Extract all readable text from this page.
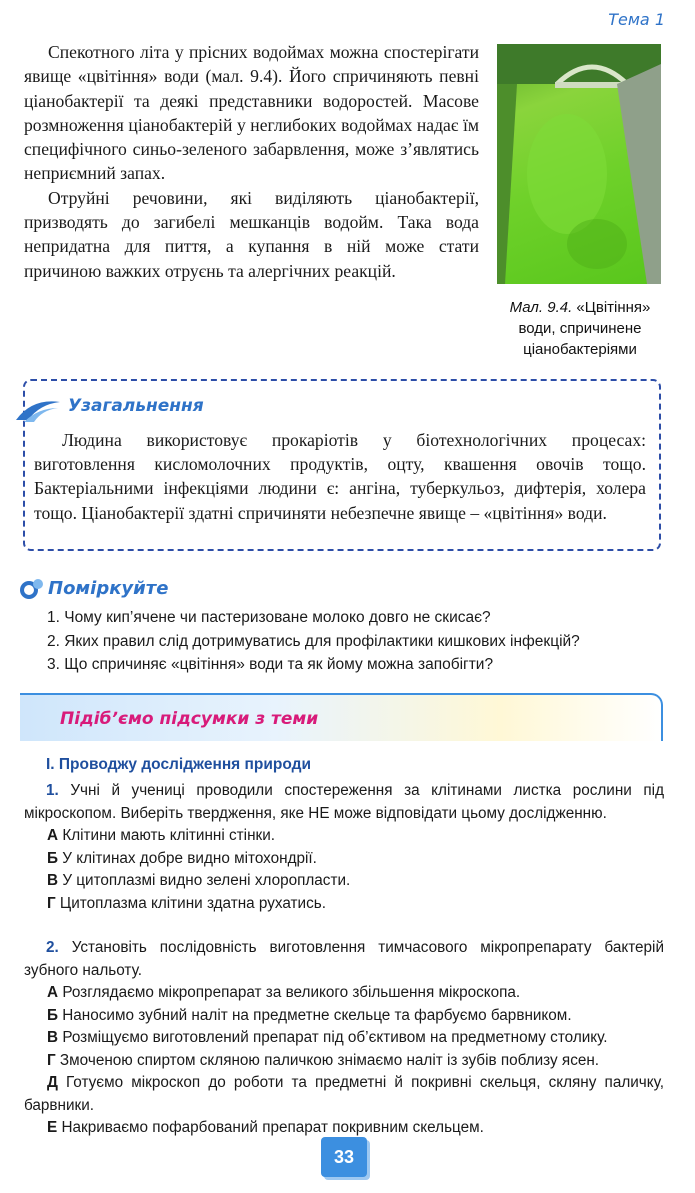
Тема 1

Спекотного літа у прісних водоймах можна спостерігати явище «цвітіння» води (мал. 9.4). Його спричиняють певні ціанобактерії та деякі представники водоростей. Масове розмноження ціанобактерій у неглибоких водоймах надає їм специфічного синьо-зеленого забарвлення, може з’являтись неприємний запах.

Отруйні речовини, які виділяють ціанобактерії, призводять до загибелі мешканців водойм. Така вода непридатна для пиття, а купання в ній може стати причиною важких отруєнь та алергічних реакцій.

Мал. 9.4. «Цвітіння» води, спричинене ціанобактеріями
Узагальнення

Людина використовує прокаріотів у біотехнологічних процесах: виготовлення кисломолочних продуктів, оцту, квашення овочів тощо. Бактеріальними інфекціями людини є: ангіна, туберкульоз, дифтерія, холера тощо. Ціанобактерії здатні спричиняти небезпечне явище – «цвітіння» води.

Поміркуйте
1. Чому кип’ячене чи пастеризоване молоко довго не скисає?
2. Яких правил слід дотримуватись для профілактики кишкових інфекцій?
3. Що спричиняє «цвітіння» води та як йому можна запобігти?
Підібʼємо підсумки з теми
І. Проводжу дослідження природи

1. Учні й учениці проводили спостереження за клітинами листка рослини під мікроскопом. Виберіть твердження, яке НЕ може відповідати цьому дослідженню.

А Клітини мають клітинні стінки.

Б У клітинах добре видно мітохондрії.

В У цитоплазмі видно зелені хлоропласти.

Г Цитоплазма клітини здатна рухатись.

2. Установіть послідовність виготовлення тимчасового мікропрепарату бактерій зубного нальоту.

А Розглядаємо мікропрепарат за великого збільшення мікроскопа.

Б Наносимо зубний наліт на предметне скельце та фарбуємо барвником.

В Розміщуємо виготовлений препарат під об’єктивом на предметному столику.

Г Змоченою спиртом скляною паличкою знімаємо наліт із зубів поблизу ясен.

Д Готуємо мікроскоп до роботи та предметні й покривні скельця, скляну паличку, барвники.

Е Накриваємо пофарбований препарат покривним скельцем.

33
